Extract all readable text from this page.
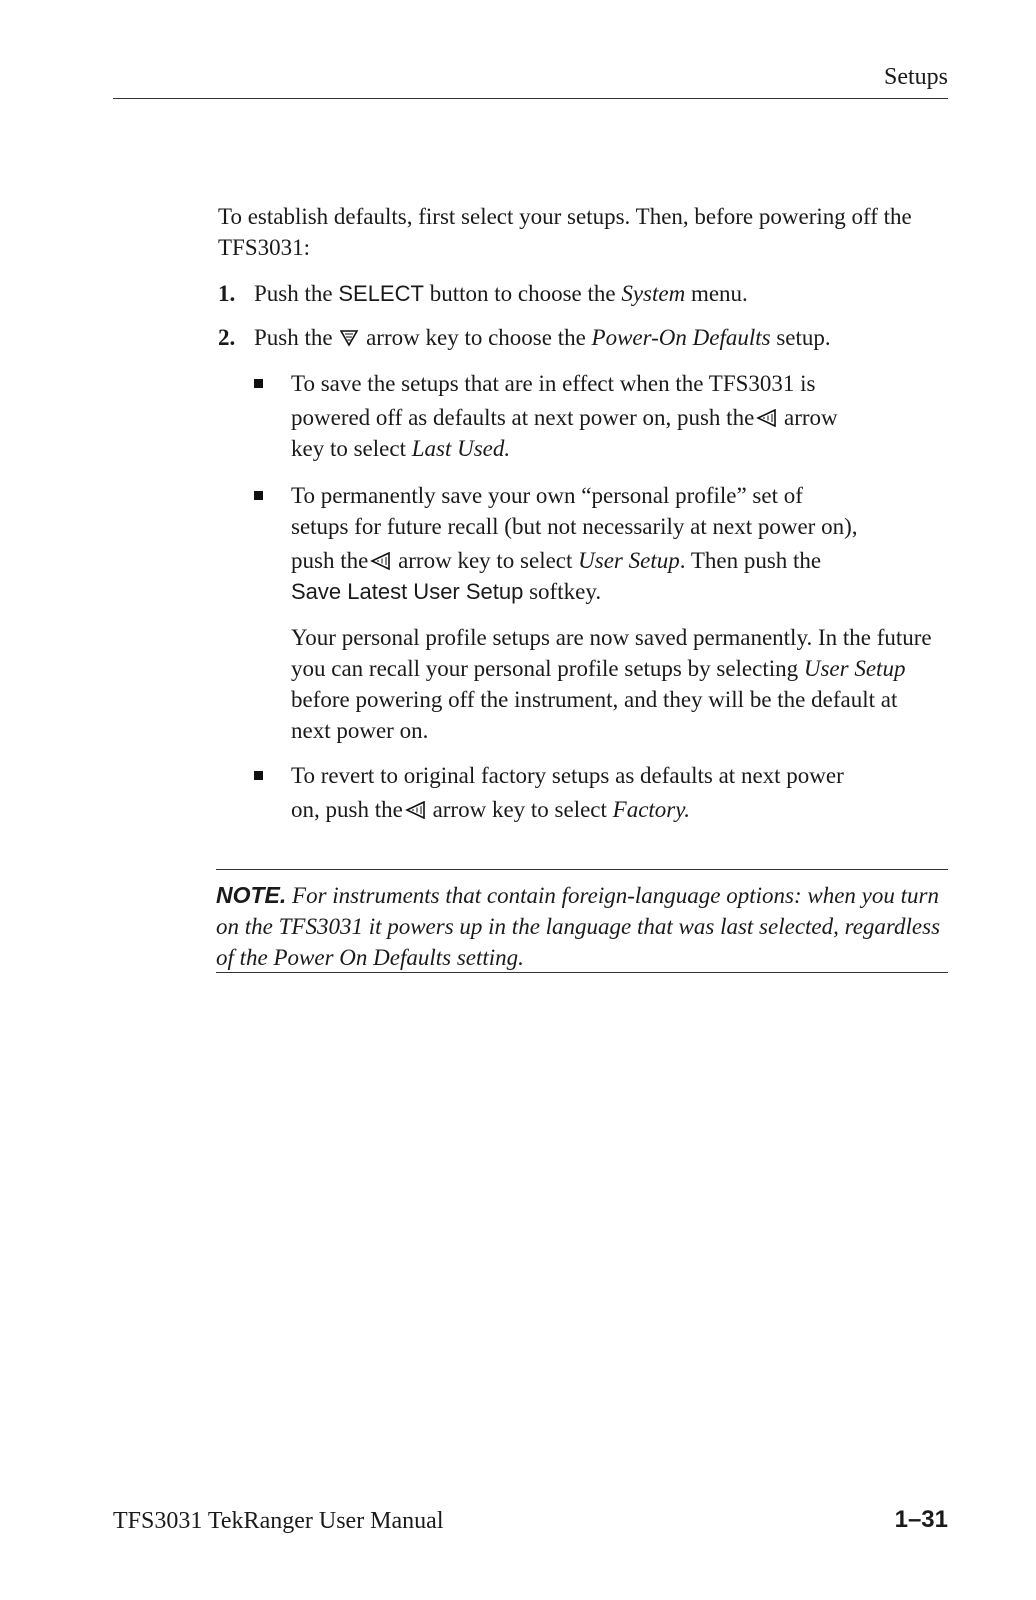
Setups
To establish defaults, first select your setups. Then, before powering off the TFS3031:
1. Push the SELECT button to choose the System menu.
2. Push the  arrow key to choose the Power-On Defaults setup.
To save the setups that are in effect when the TFS3031 is
powered off as defaults at next power on, push the arrow
key to select Last Used.
To permanently save your own “personal profile” set of
setups for future recall (but not necessarily at next power on),
push the arrow key to select User Setup. Then push the
Save Latest User Setup softkey.
Your personal profile setups are now saved permanently. In the future you can recall your personal profile setups by selecting User Setup before powering off the instrument, and they will be the default at next power on.
To revert to original factory setups as defaults at next power
on, push the arrow key to select Factory.
NOTE. For instruments that contain foreign-language options: when you turn on the TFS3031 it powers up in the language that was last selected, regardless of the Power On Defaults setting.
TFS3031 TekRanger User Manual	1–31
